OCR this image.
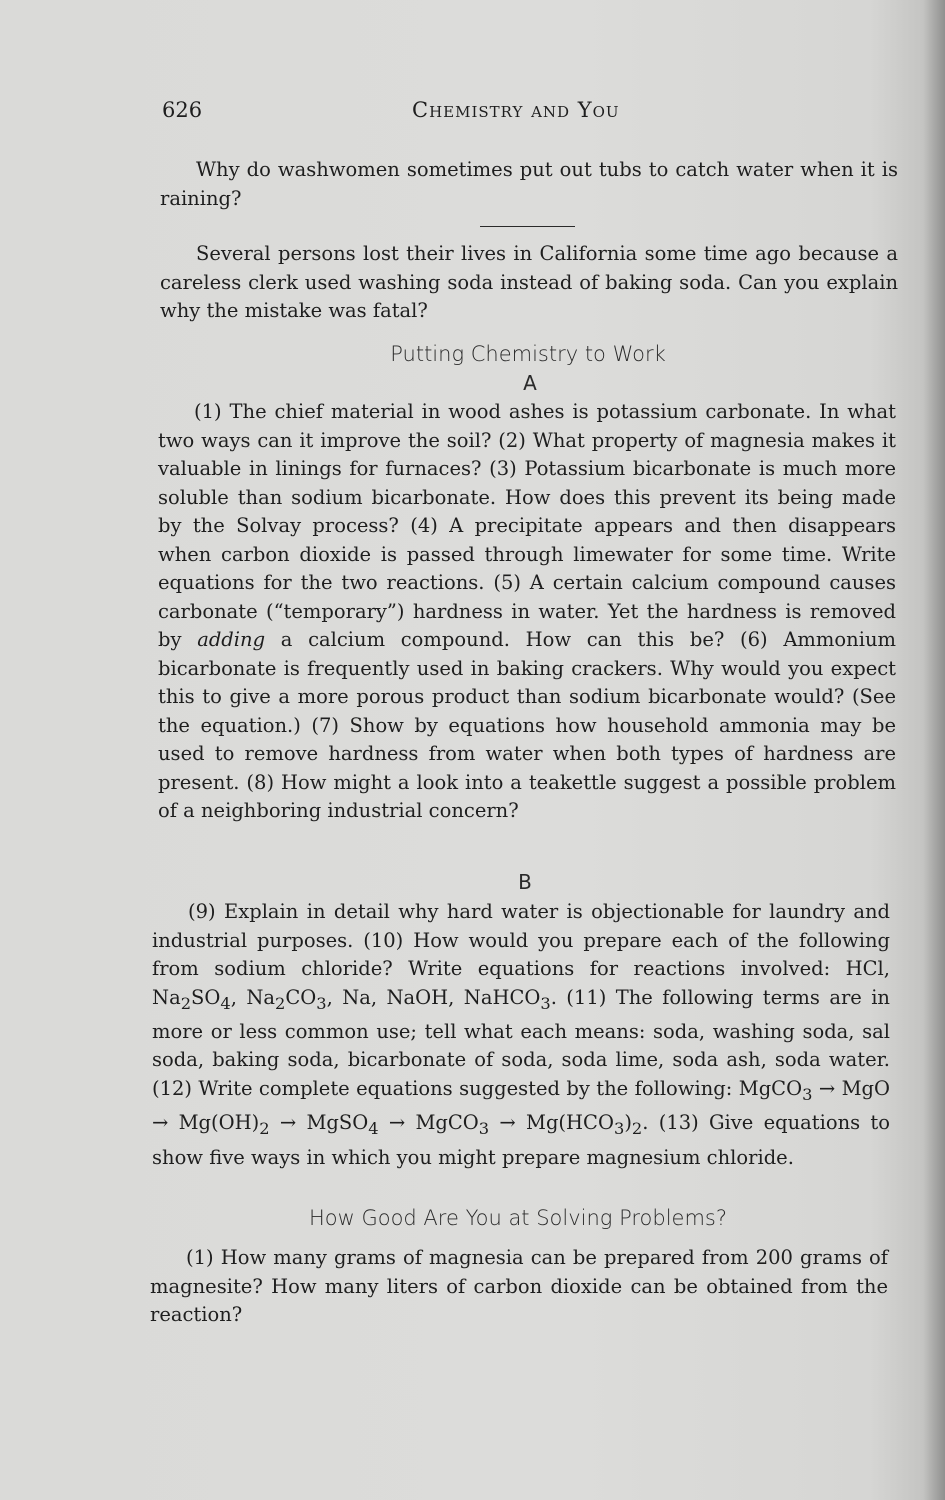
626	Chemistry and You

Why do washwomen sometimes put out tubs to catch water when it is raining?

Several persons lost their lives in California some time ago because a careless clerk used washing soda instead of baking soda. Can you explain why the mistake was fatal?

Putting Chemistry to Work
A

(1) The chief material in wood ashes is potassium carbonate. In what two ways can it improve the soil? (2) What property of magnesia makes it valuable in linings for furnaces? (3) Potassium bicarbonate is much more soluble than sodium bicarbonate. How does this prevent its being made by the Solvay process? (4) A precipitate appears and then disappears when carbon dioxide is passed through limewater for some time. Write equations for the two reactions. (5) A certain calcium compound causes carbonate (“temporary”) hardness in water. Yet the hardness is removed by adding a calcium compound. How can this be? (6) Ammonium bicarbonate is frequently used in baking crackers. Why would you expect this to give a more porous product than sodium bicarbonate would? (See the equation.) (7) Show by equations how household ammonia may be used to remove hardness from water when both types of hardness are present. (8) How might a look into a teakettle suggest a possible problem of a neighboring industrial concern?

B

(9) Explain in detail why hard water is objectionable for laundry and industrial purposes. (10) How would you prepare each of the following from sodium chloride? Write equations for reactions involved: HCl, $Na_2SO_4$, $Na_2CO_3$, Na, NaOH, NaHCO$_3$. (11) The following terms are in more or less common use; tell what each means: soda, washing soda, sal soda, baking soda, bicarbonate of soda, soda lime, soda ash, soda water. (12) Write complete equations suggested by the following: MgCO$_3$ → MgO → $Mg(OH)_2$ → MgSO$_4$ → MgCO$_3$ → $Mg(HCO_3)_2$. (13) Give equations to show five ways in which you might prepare magnesium chloride.

How Good Are You at Solving Problems?

(1) How many grams of magnesia can be prepared from 200 grams of magnesite? How many liters of carbon dioxide can be obtained from the reaction?
